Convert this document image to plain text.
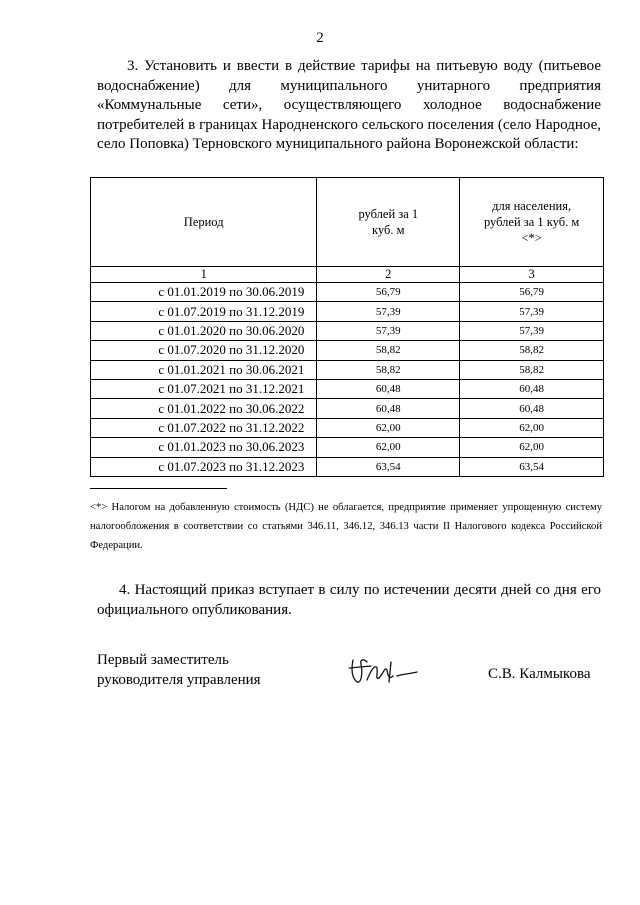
2
3. Установить и ввести в действие тарифы на питьевую воду (питьевое водоснабжение) для муниципального унитарного предприятия «Коммунальные сети», осуществляющего холодное водоснабжение потребителей в границах Народненского сельского поселения (село Народное, село Поповка) Терновского муниципального района Воронежской области:
Период	рублей за 1 куб. м	для населения, рублей за 1 куб. м <*>
1	2	3
с 01.01.2019 по 30.06.2019	56,79	56,79
с 01.07.2019 по 31.12.2019	57,39	57,39
с 01.01.2020 по 30.06.2020	57,39	57,39
с 01.07.2020 по 31.12.2020	58,82	58,82
с 01.01.2021 по 30.06.2021	58,82	58,82
с 01.07.2021 по 31.12.2021	60,48	60,48
с 01.01.2022 по 30.06.2022	60,48	60,48
с 01.07.2022 по 31.12.2022	62,00	62,00
с 01.01.2023 по 30.06.2023	62,00	62,00
с 01.07.2023 по 31.12.2023	63,54	63,54
<*> Налогом на добавленную стоимость (НДС) не облагается, предприятие применяет упрощенную систему налогообложения в соответствии со статьями 346.11, 346.12, 346.13 части II Налогового кодекса Российской Федерации.
4. Настоящий приказ вступает в силу по истечении десяти дней со дня его официального опубликования.
Первый заместитель
руководителя управления	С.В. Калмыкова
